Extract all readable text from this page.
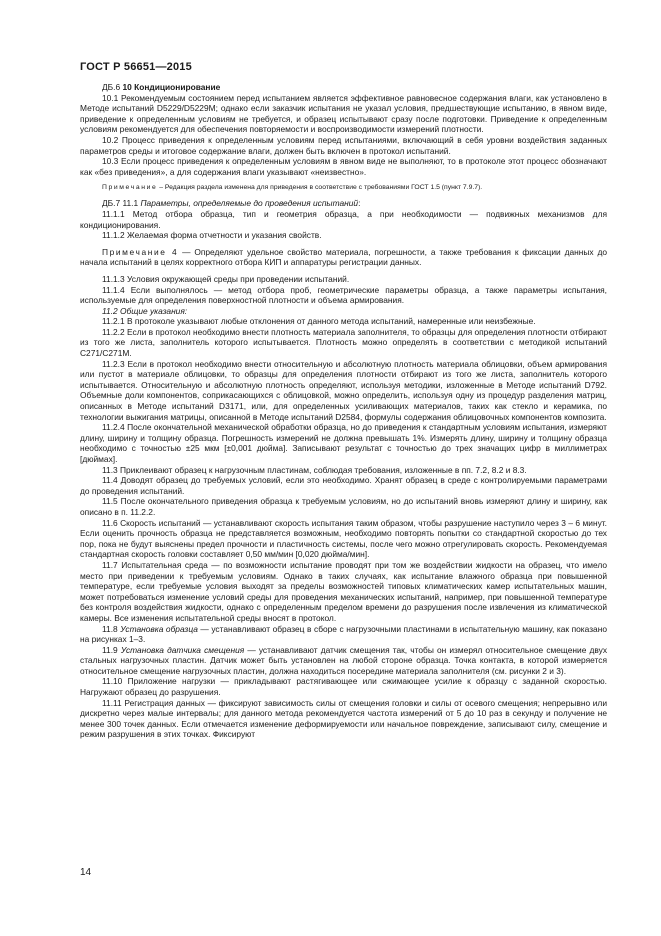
ГОСТ Р 56651—2015

ДБ.6 10 Кондиционирование

10.1 Рекомендуемым состоянием перед испытанием является эффективное равновесное содержания влаги, как установлено в Методе испытаний D5229/D5229M; однако если заказчик испытания не указал условия, предшествующие испытанию, в явном виде, приведение к определенным условиям не требуется, и образец испытывают сразу после подготовки. Приведение к определенным условиям рекомендуется для обеспечения повторяемости и воспроизводимости измерений плотности.

10.2 Процесс приведения к определенным условиям перед испытаниями, включающий в себя уровни воздействия заданных параметров среды и итоговое содержание влаги, должен быть включен в протокол испытаний.

10.3 Если процесс приведения к определенным условиям в явном виде не выполняют, то в протоколе этот процесс обозначают как «без приведения», а для содержания влаги указывают «неизвестно».

Примечание – Редакция раздела изменена для приведения в соответствие с требованиями ГОСТ 1.5 (пункт 7.9.7).

ДБ.7 11.1 Параметры, определяемые до проведения испытаний:

11.1.1 Метод отбора образца, тип и геометрия образца, а при необходимости — подвижных механизмов для кондиционирования.

11.1.2 Желаемая форма отчетности и указания свойств.

Примечание 4 — Определяют удельное свойство материала, погрешности, а также требования к фиксации данных до начала испытаний в целях корректного отбора КИП и аппаратуры регистрации данных.

11.1.3 Условия окружающей среды при проведении испытаний.

11.1.4 Если выполнялось — метод отбора проб, геометрические параметры образца, а также параметры испытания, используемые для определения поверхностной плотности и объема армирования.

11.2 Общие указания:

11.2.1 В протоколе указывают любые отклонения от данного метода испытаний, намеренные или неизбежные.

11.2.2 Если в протокол необходимо внести плотность материала заполнителя, то образцы для определения плотности отбирают из того же листа, заполнитель которого испытывается. Плотность можно определять в соответствии с методикой испытаний C271/C271M.

11.2.3 Если в протокол необходимо внести относительную и абсолютную плотность материала облицовки, объем армирования или пустот в материале облицовки, то образцы для определения плотности отбирают из того же листа, заполнитель которого испытывается. Относительную и абсолютную плотность определяют, используя методики, изложенные в Методе испытаний D792. Объемные доли компонентов, соприкасающихся с облицовкой, можно определить, используя одну из процедур разделения матриц, описанных в Методе испытаний D3171, или, для определенных усиливающих материалов, таких как стекло и керамика, по технологии выжигания матрицы, описанной в Методе испытаний D2584, формулы содержания облицовочных компонентов композита.

11.2.4 После окончательной механической обработки образца, но до приведения к стандартным условиям испытания, измеряют длину, ширину и толщину образца. Погрешность измерений не должна превышать 1%. Измерять длину, ширину и толщину образца необходимо с точностью ±25 мкм [±0,001 дюйма]. Записывают результат с точностью до трех значащих цифр в миллиметрах [дюймах].

11.3 Приклеивают образец к нагрузочным пластинам, соблюдая требования, изложенные в пп. 7.2, 8.2 и 8.3.

11.4 Доводят образец до требуемых условий, если это необходимо. Хранят образец в среде с контролируемыми параметрами до проведения испытаний.

11.5 После окончательного приведения образца к требуемым условиям, но до испытаний вновь измеряют длину и ширину, как описано в п. 11.2.2.

11.6 Скорость испытаний — устанавливают скорость испытания таким образом, чтобы разрушение наступило через 3 – 6 минут. Если оценить прочность образца не представляется возможным, необходимо повторять попытки со стандартной скоростью до тех пор, пока не будут выяснены предел прочности и пластичность системы, после чего можно отрегулировать скорость. Рекомендуемая стандартная скорость головки составляет 0,50 мм/мин [0,020 дюйма/мин].

11.7 Испытательная среда — по возможности испытание проводят при том же воздействии жидкости на образец, что имело место при приведении к требуемым условиям. Однако в таких случаях, как испытание влажного образца при повышенной температуре, если требуемые условия выходят за пределы возможностей типовых климатических камер испытательных машин, может потребоваться изменение условий среды для проведения механических испытаний, например, при повышенной температуре без контроля воздействия жидкости, однако с определенным пределом времени до разрушения после извлечения из климатической камеры. Все изменения испытательной среды вносят в протокол.

11.8 Установка образца — устанавливают образец в сборе с нагрузочными пластинами в испытательную машину, как показано на рисунках 1–3.

11.9 Установка датчика смещения — устанавливают датчик смещения так, чтобы он измерял относительное смещение двух стальных нагрузочных пластин. Датчик может быть установлен на любой стороне образца. Точка контакта, в которой измеряется относительное смещение нагрузочных пластин, должна находиться посередине материала заполнителя (см. рисунки 2 и 3).

11.10 Приложение нагрузки — прикладывают растягивающее или сжимающее усилие к образцу с заданной скоростью. Нагружают образец до разрушения.

11.11 Регистрация данных — фиксируют зависимость силы от смещения головки и силы от осевого смещения; непрерывно или дискретно через малые интервалы; для данного метода рекомендуется частота измерений от 5 до 10 раз в секунду и получение не менее 300 точек данных. Если отмечается изменение деформируемости или начальное повреждение, записывают силу, смещение и режим разрушения в этих точках. Фиксируют

14
